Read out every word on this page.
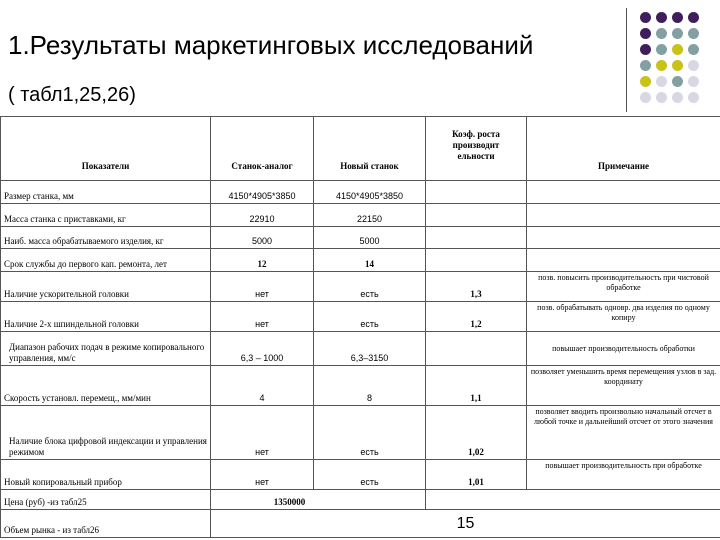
1.Результаты маркетинговых исследований
( табл1,25,26)
Показатели	Станок-аналог	Новый станок	Коэф. роста производит ельности	Примечание
Размер станка, мм	4150*4905*3850	4150*4905*3850		
Масса станка с приставками, кг	22910	22150		
Наиб. масса обрабатываемого изделия, кг	5000	5000		
Срок службы до первого кап. ремонта, лет	12	14		
Наличие ускорительной головки	нет	есть	1,3	позв. повысить производительность при чистовой обработке
Наличие 2-х шпиндельной головки	нет	есть	1,2	позв. обрабатывать одновр. два изделия по одному копиру
Диапазон рабочих подач в режиме копировального управления, мм/с	6,3 – 1000	6,3–3150		повышает производительность обработки
Скорость установл. перемещ., мм/мин	4	8	1,1	позволяет уменьшить время перемещения узлов в зад. координату
Наличие блока цифровой индексации и управления режимом	нет	есть	1,02	позволяет вводить произвольно начальный отсчет в любой точке и дальнейший отсчет от этого значения
Новый копировальный прибор	нет	есть	1,01	повышает производительность при обработке
Цена (руб) -из табл25	1350000			
Объем рынка - из табл26	15			
